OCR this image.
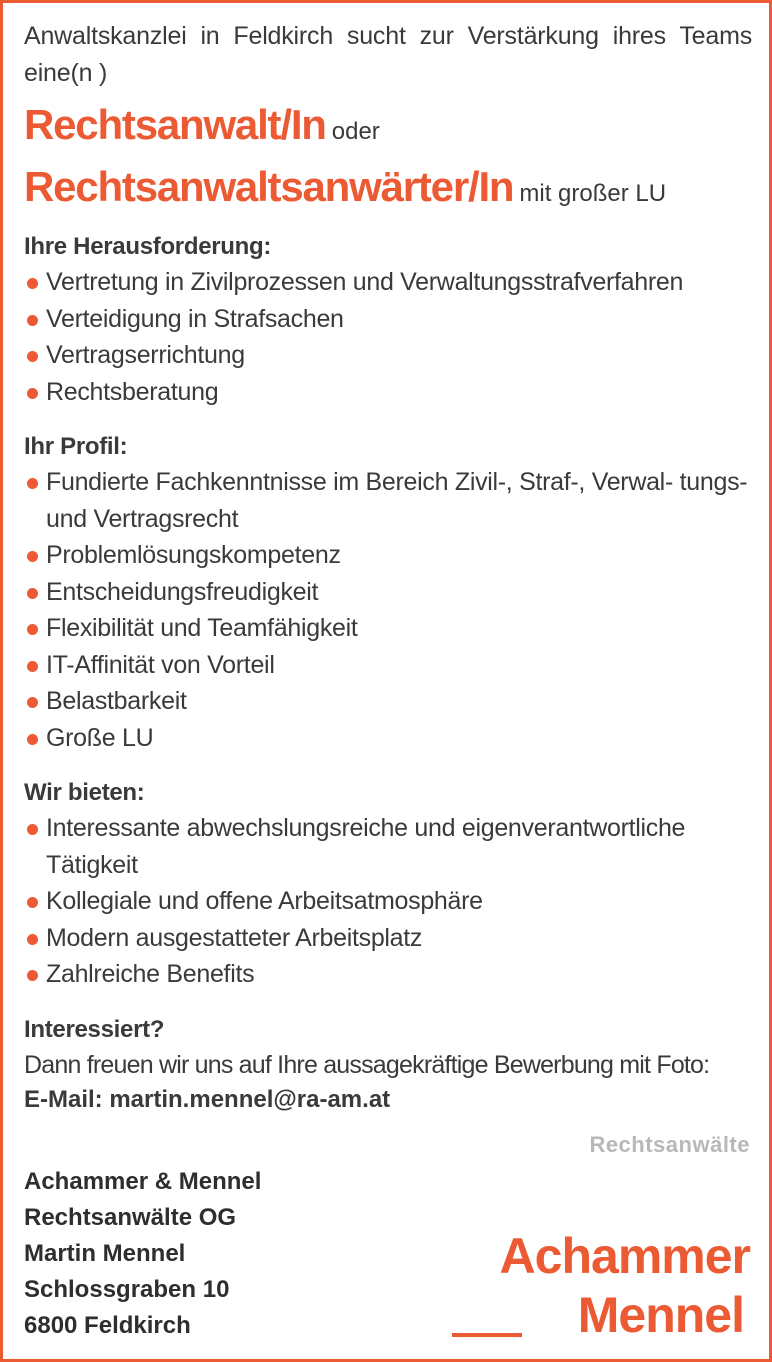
Anwaltskanzlei in Feldkirch sucht zur Verstärkung ihres Teams eine(n )
Rechtsanwalt/In oder
Rechtsanwaltsanwärter/In mit großer LU
Ihre Herausforderung:
Vertretung in Zivilprozessen und Verwaltungsstrafverfahren
Verteidigung in Strafsachen
Vertragserrichtung
Rechtsberatung
Ihr Profil:
Fundierte Fachkenntnisse im Bereich Zivil-, Straf-, Verwal- tungs- und Vertragsrecht
Problemlösungskompetenz
Entscheidungsfreudigkeit
Flexibilität und Teamfähigkeit
IT-Affinität von Vorteil
Belastbarkeit
Große LU
Wir bieten:
Interessante abwechslungsreiche und eigenverantwortliche Tätigkeit
Kollegiale und offene Arbeitsatmosphäre
Modern ausgestatteter Arbeitsplatz
Zahlreiche Benefits
Interessiert?
Dann freuen wir uns auf Ihre aussagekräftige Bewerbung mit Foto:
E-Mail: martin.mennel@ra-am.at
Achammer & Mennel
Rechtsanwälte OG
Martin Mennel
Schlossgraben 10
6800 Feldkirch
Rechtsanwälte
Achammer
Mennel
